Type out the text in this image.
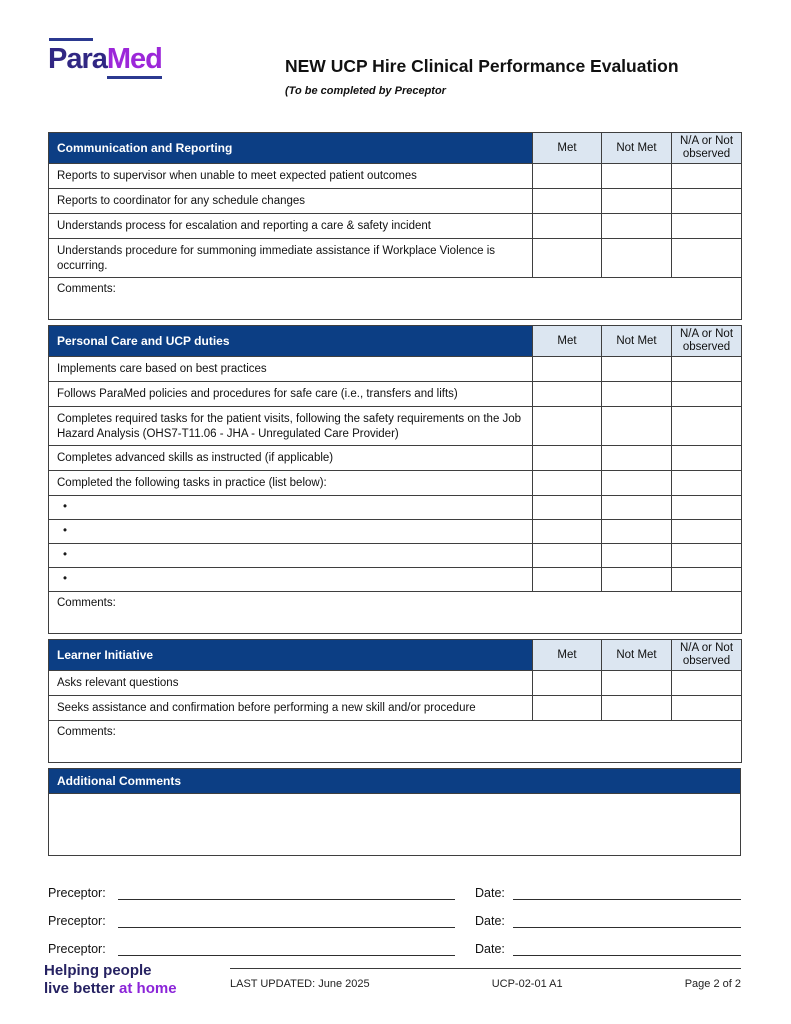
ParaMed	NEW UCP Hire Clinical Performance Evaluation
(To be completed by Preceptor
Communication and Reporting	Met	Not Met	N/A or Not observed
Reports to supervisor when unable to meet expected patient outcomes			
Reports to coordinator for any schedule changes			
Understands process for escalation and reporting a care & safety incident			
Understands procedure for summoning immediate assistance if Workplace Violence is occurring.			
Comments:			
Personal Care and UCP duties	Met	Not Met	N/A or Not observed
Implements care based on best practices			
Follows ParaMed policies and procedures for safe care (i.e., transfers and lifts)			
Completes required tasks for the patient visits, following the safety requirements on the Job Hazard Analysis (OHS7-T11.06 - JHA - Unregulated Care Provider)			
Completes advanced skills as instructed (if applicable)			
Completed the following tasks in practice (list below):			
•			
•			
•			
•			
Comments:			
Learner Initiative	Met	Not Met	N/A or Not observed
Asks relevant questions			
Seeks assistance and confirmation before performing a new skill and/or procedure			
Comments:			
Additional Comments

Preceptor:	Date:
Preceptor:	Date:
Preceptor:	Date:
Helping people
live better at home	LAST UPDATED: June 2025	UCP-02-01 A1	Page 2 of 2
